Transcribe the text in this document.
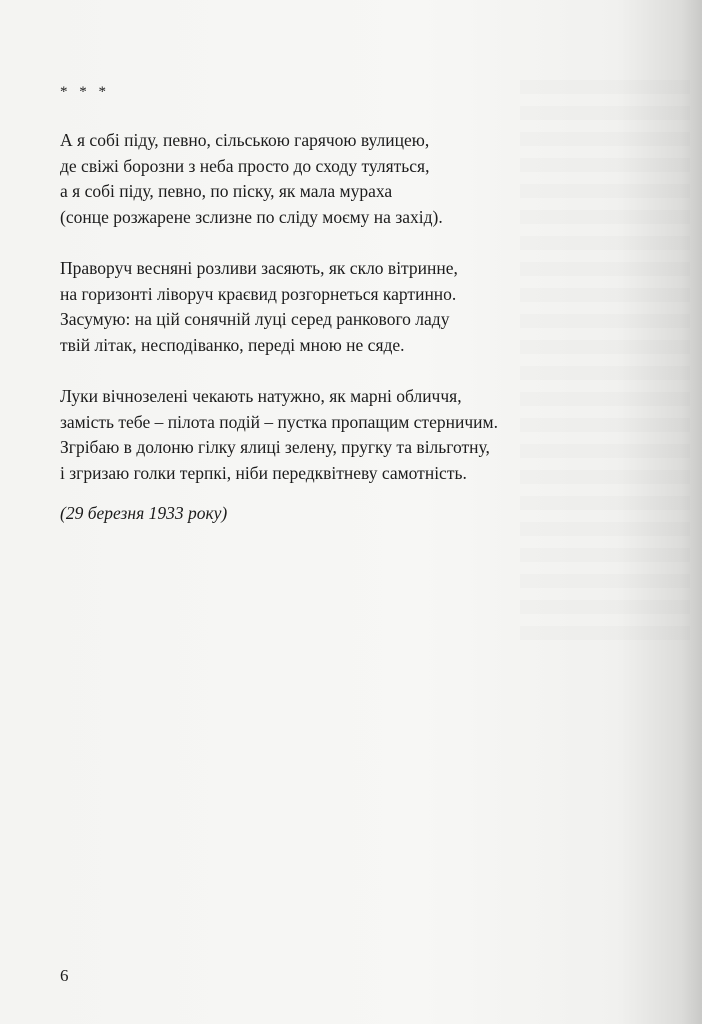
* * *
А я собі піду, певно, сільською гарячою вулицею,
де свіжі борозни з неба просто до сходу туляться,
а я собі піду, певно, по піску, як мала мураха
(сонце розжарене зслизне по сліду моєму на захід).
Праворуч весняні розливи засяють, як скло вітринне,
на горизонті ліворуч краєвид розгорнеться картинно.
Засумую: на цій сонячній луці серед ранкового ладу
твій літак, несподіванко, переді мною не сяде.
Луки вічнозелені чекають натужно, як марні обличчя,
замість тебе – пілота подій – пустка пропащим стерничим.
Згрібаю в долоню гілку ялиці зелену, пругку та вільготну,
і згризаю голки терпкі, ніби передквітневу самотність.
(29 березня 1933 року)
6
